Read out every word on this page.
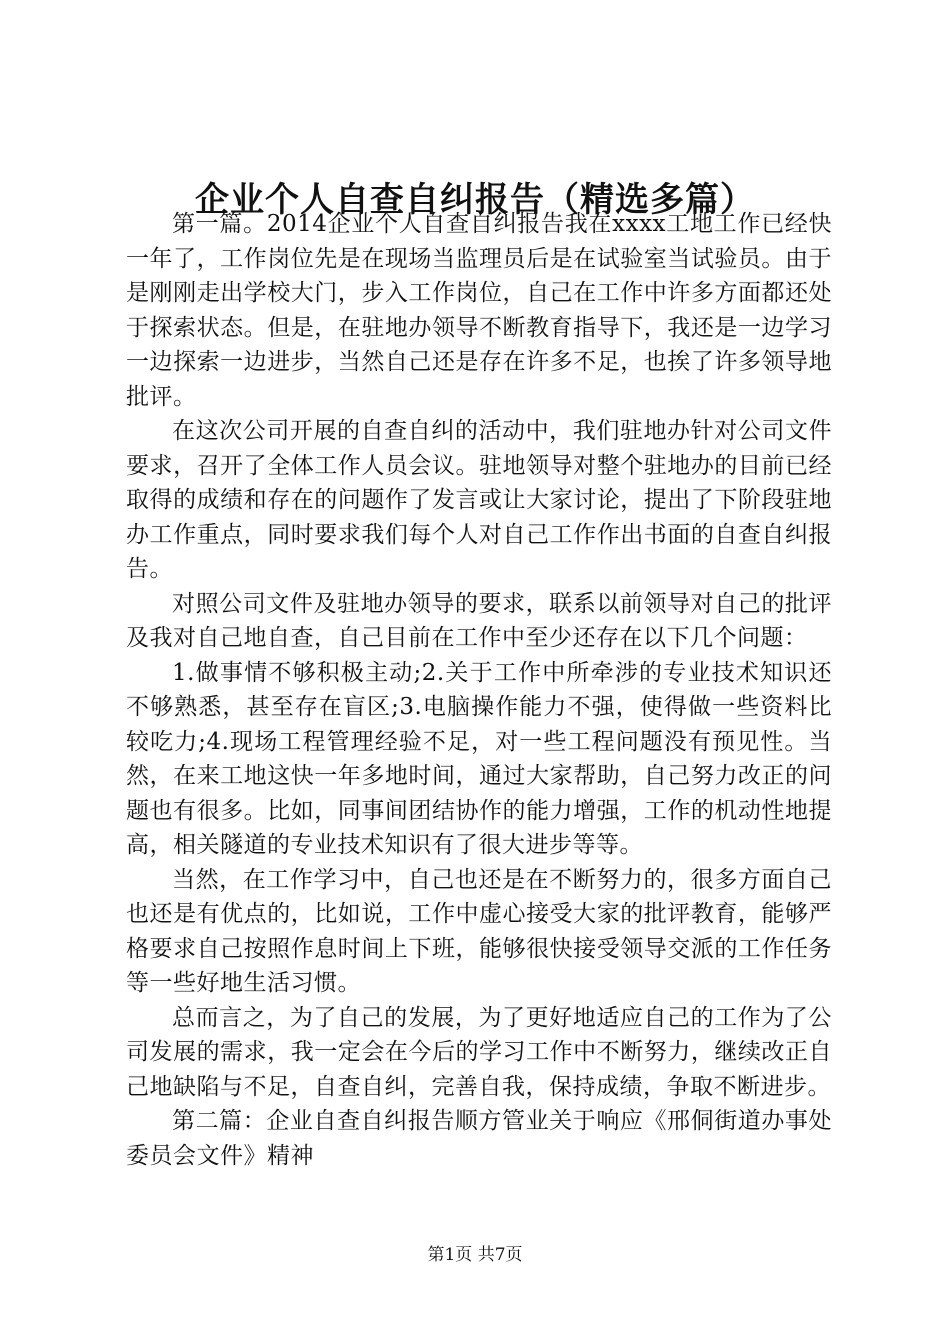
企业个人自查自纠报告（精选多篇）

第一篇。2014企业个人自查自纠报告我在xxxx工地工作已经快一年了，工作岗位先是在现场当监理员后是在试验室当试验员。由于是刚刚走出学校大门，步入工作岗位，自己在工作中许多方面都还处于探索状态。但是，在驻地办领导不断教育指导下，我还是一边学习一边探索一边进步，当然自己还是存在许多不足，也挨了许多领导地批评。

在这次公司开展的自查自纠的活动中，我们驻地办针对公司文件要求，召开了全体工作人员会议。驻地领导对整个驻地办的目前已经取得的成绩和存在的问题作了发言或让大家讨论，提出了下阶段驻地办工作重点，同时要求我们每个人对自己工作作出书面的自查自纠报告。

对照公司文件及驻地办领导的要求，联系以前领导对自己的批评及我对自己地自查，自己目前在工作中至少还存在以下几个问题：

1.做事情不够积极主动;2.关于工作中所牵涉的专业技术知识还不够熟悉，甚至存在盲区;3.电脑操作能力不强，使得做一些资料比较吃力;4.现场工程管理经验不足，对一些工程问题没有预见性。当然，在来工地这快一年多地时间，通过大家帮助，自己努力改正的问题也有很多。比如，同事间团结协作的能力增强，工作的机动性地提高，相关隧道的专业技术知识有了很大进步等等。

当然，在工作学习中，自己也还是在不断努力的，很多方面自己也还是有优点的，比如说，工作中虚心接受大家的批评教育，能够严格要求自己按照作息时间上下班，能够很快接受领导交派的工作任务等一些好地生活习惯。

总而言之，为了自己的发展，为了更好地适应自己的工作为了公司发展的需求，我一定会在今后的学习工作中不断努力，继续改正自己地缺陷与不足，自查自纠，完善自我，保持成绩，争取不断进步。

第二篇：企业自查自纠报告顺方管业关于响应《邢侗街道办事处委员会文件》精神

第1页 共7页
